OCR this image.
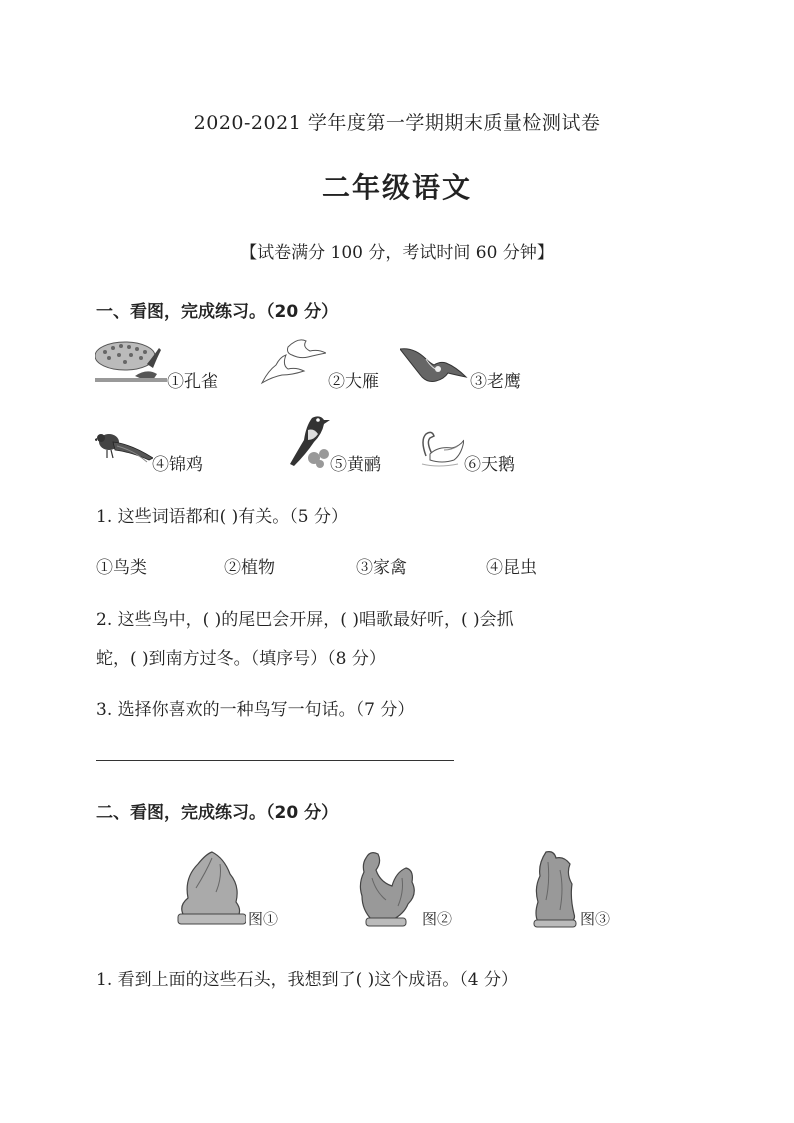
2020-2021 学年度第一学期期末质量检测试卷
二年级语文
【试卷满分 100 分，考试时间 60 分钟】
一、看图，完成练习。（20 分）
①孔雀	②大雁	③老鹰
④锦鸡	⑤黄鹂	⑥天鹅
1. 这些词语都和( )有关。（5 分）
①鸟类	②植物	③家禽	④昆虫
2. 这些鸟中，( )的尾巴会开屏，( )唱歌最好听，( )会抓
蛇，( )到南方过冬。（填序号）（8 分）
3. 选择你喜欢的一种鸟写一句话。（7 分）
二、看图，完成练习。（20 分）
图①	图②	图③
1. 看到上面的这些石头，我想到了( )这个成语。（4 分）
